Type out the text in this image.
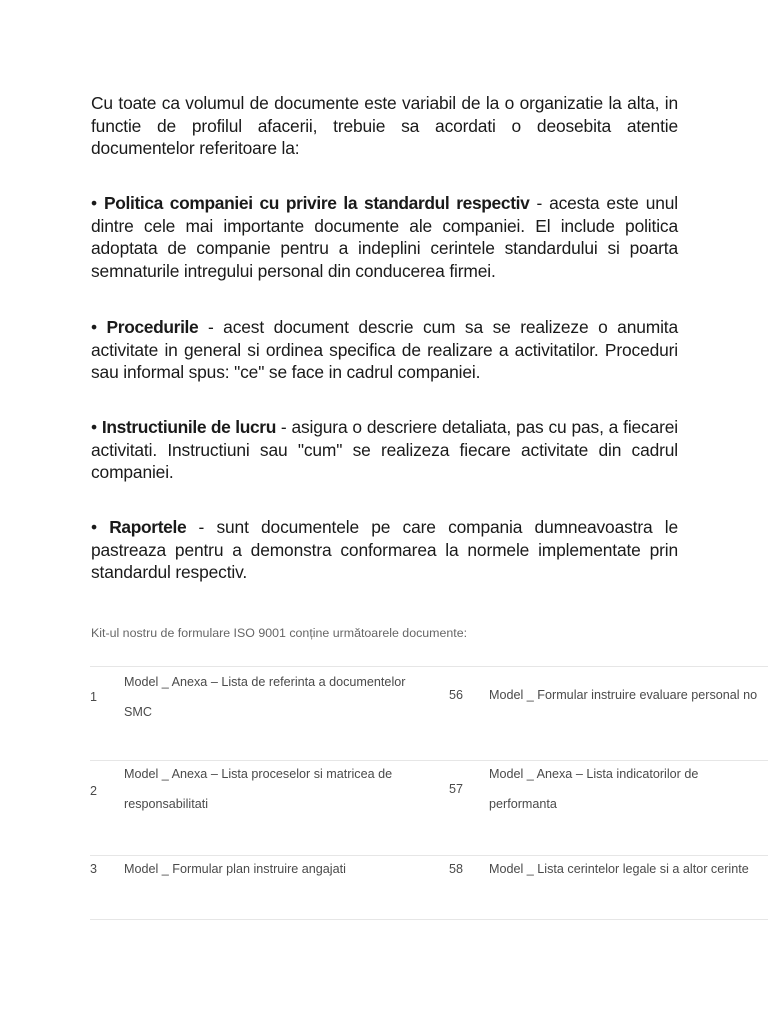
Cu toate ca volumul de documente este variabil de la o organizatie la alta, in functie de profilul afacerii, trebuie sa acordati o deosebita atentie documentelor referitoare la:

• Politica companiei cu privire la standardul respectiv - acesta este unul dintre cele mai importante documente ale companiei. El include politica adoptata de companie pentru a indeplini cerintele standardului si poarta semnaturile intregului personal din conducerea firmei.

• Procedurile - acest document descrie cum sa se realizeze o anumita activitate in general si ordinea specifica de realizare a activitatilor. Proceduri sau informal spus: "ce" se face in cadrul companiei.

• Instructiunile de lucru - asigura o descriere detaliata, pas cu pas, a fiecarei activitati. Instructiuni sau "cum" se realizeza fiecare activitate din cadrul companiei.

• Raportele - sunt documentele pe care compania dumneavoastra le pastreaza pentru a demonstra conformarea la normele implementate prin standardul respectiv.

Kit-ul nostru de formulare ISO 9001 conține următoarele documente:

1
Model _ Anexa – Lista de referinta a documentelor
SMC
56 Model _ Formular instruire evaluare personal no
2
Model _ Anexa – Lista proceselor si matricea de
responsabilitati
57
Model _ Anexa – Lista indicatorilor de
performanta
3 Model _ Formular plan instruire angajati	58 Model _ Lista cerintelor legale si a altor cerinte
